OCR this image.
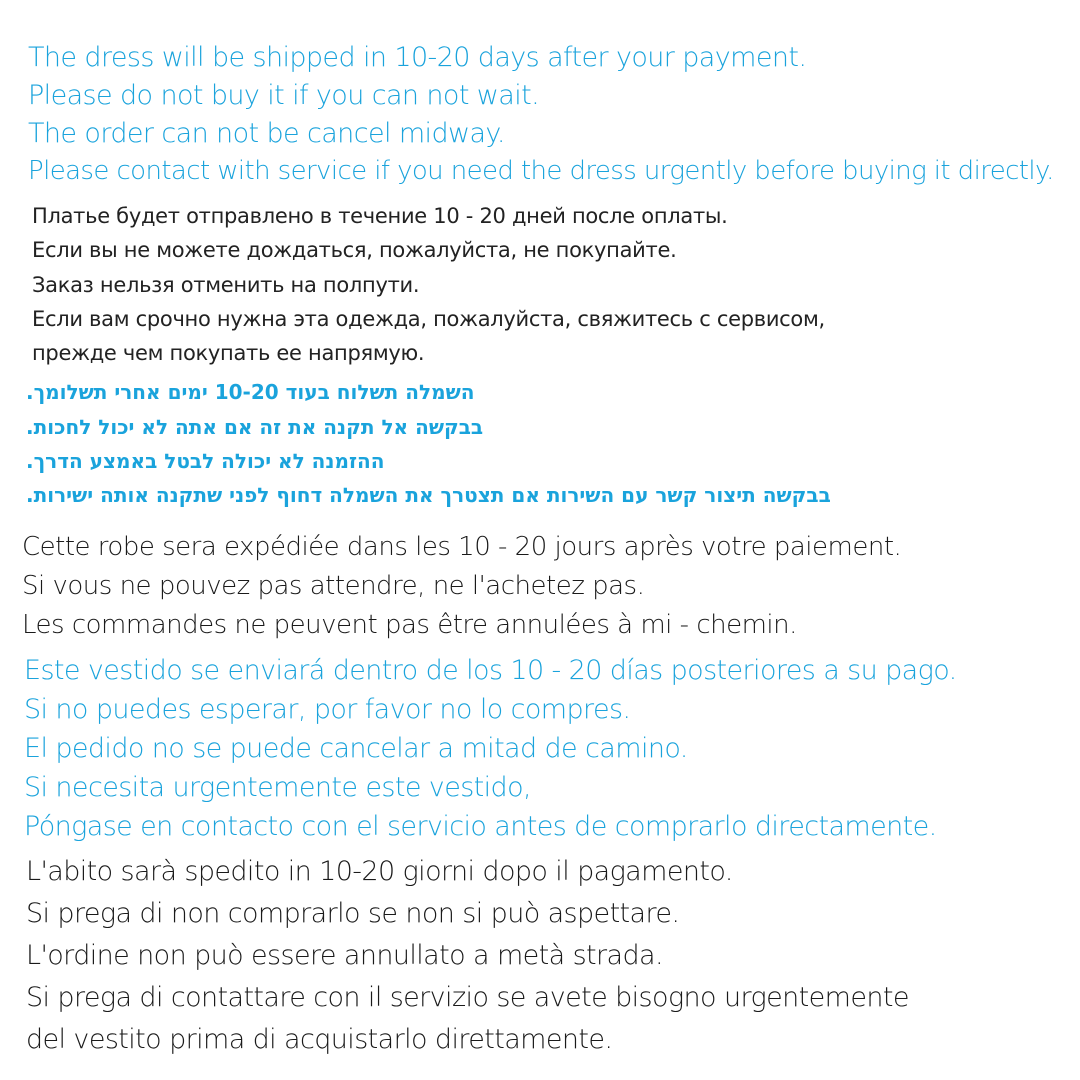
The dress will be shipped in 10-20 days after your payment.
Please do not buy it if you can not wait.
The order can not be cancel midway.
Please contact with service if you need the dress urgently before buying it directly.
Платье будет отправлено в течение 10 - 20 дней после оплаты.
Если вы не можете дождаться, пожалуйста, не покупайте.
Заказ нельзя отменить на полпути.
Если вам срочно нужна эта одежда, пожалуйста, свяжитесь с сервисом,
прежде чем покупать ее напрямую.
השמלה תשלוח בעוד 10-20 ימים אחרי תשלומך.
בבקשה אל תקנה את זה אם אתה לא יכול לחכות.
ההזמנה לא יכולה לבטל באמצע הדרך.
בבקשה תיצור קשר עם השירות אם תצטרך את השמלה דחוף לפני שתקנה אותה ישירות.
Cette robe sera expédiée dans les 10 - 20 jours après votre paiement.
Si vous ne pouvez pas attendre, ne l'achetez pas.
Les commandes ne peuvent pas être annulées à mi - chemin.
Este vestido se enviará dentro de los 10 - 20 días posteriores a su pago.
Si no puedes esperar, por favor no lo compres.
El pedido no se puede cancelar a mitad de camino.
Si necesita urgentemente este vestido,
Póngase en contacto con el servicio antes de comprarlo directamente.
L'abito sarà spedito in 10-20 giorni dopo il pagamento.
Si prega di non comprarlo se non si può aspettare.
L'ordine non può essere annullato a metà strada.
Si prega di contattare con il servizio se avete bisogno urgentemente
del vestito prima di acquistarlo direttamente.
